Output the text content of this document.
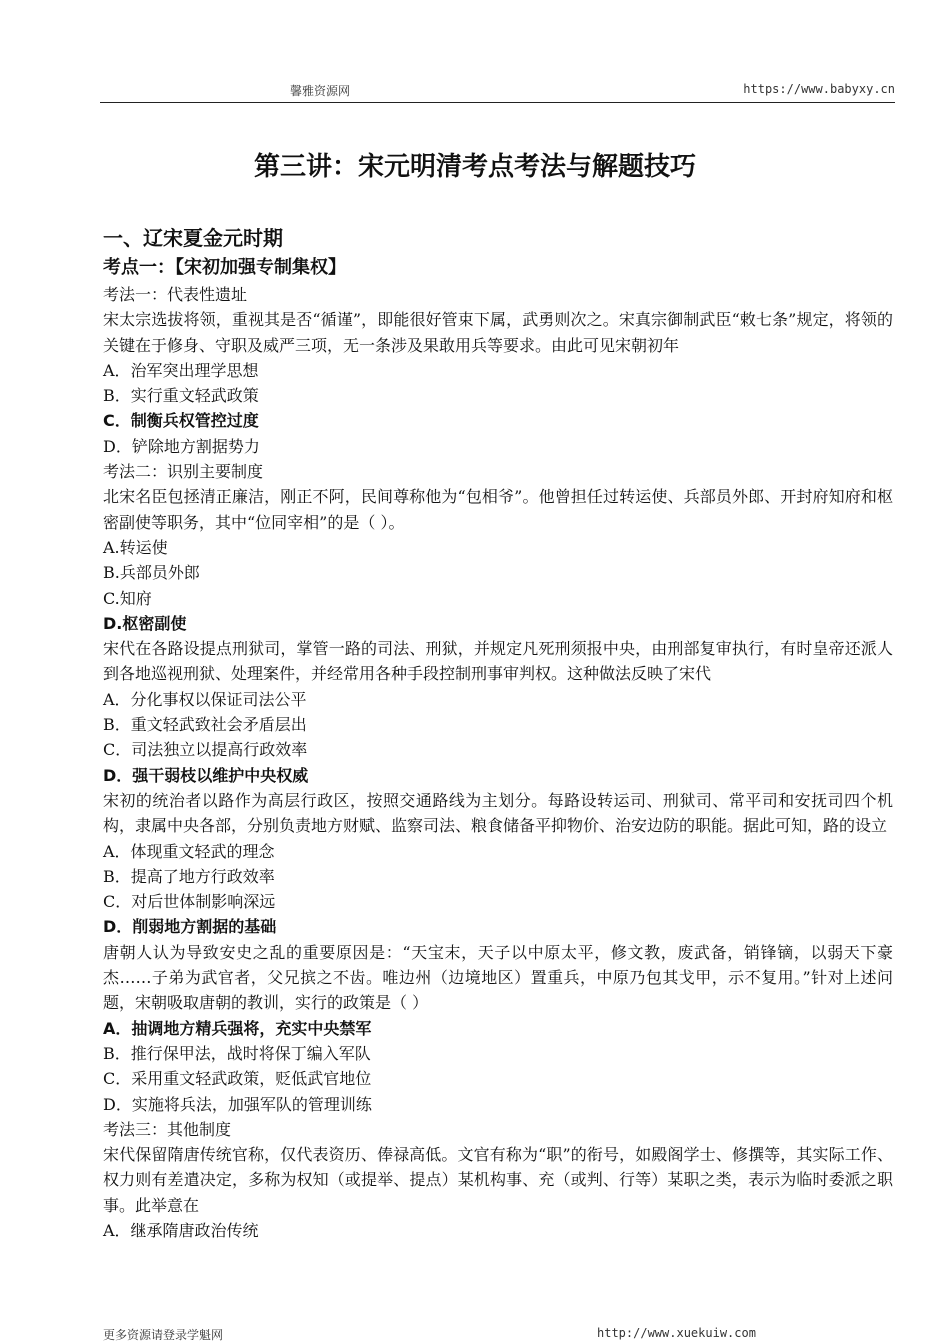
馨雅资源网	https://www.babyxy.cn
第三讲：宋元明清考点考法与解题技巧

一、辽宋夏金元时期

考点一：【宋初加强专制集权】

考法一：代表性遗址

宋太宗选拔将领，重视其是否“循谨”，即能很好管束下属，武勇则次之。宋真宗御制武臣“敕七条”规定，将领的关键在于修身、守职及威严三项，无一条涉及果敢用兵等要求。由此可见宋朝初年

A．治军突出理学思想

B．实行重文轻武政策

C．制衡兵权管控过度

D．铲除地方割据势力

考法二：识别主要制度

北宋名臣包拯清正廉洁，刚正不阿，民间尊称他为“包相爷”。他曾担任过转运使、兵部员外郎、开封府知府和枢密副使等职务，其中“位同宰相”的是（ ）。

A.转运使

B.兵部员外郎

C.知府

D.枢密副使

宋代在各路设提点刑狱司，掌管一路的司法、刑狱，并规定凡死刑须报中央，由刑部复审执行，有时皇帝还派人到各地巡视刑狱、处理案件，并经常用各种手段控制刑事审判权。这种做法反映了宋代

A．分化事权以保证司法公平

B．重文轻武致社会矛盾层出

C．司法独立以提高行政效率

D．强干弱枝以维护中央权威

宋初的统治者以路作为高层行政区，按照交通路线为主划分。每路设转运司、刑狱司、常平司和安抚司四个机构，隶属中央各部，分别负责地方财赋、监察司法、粮食储备平抑物价、治安边防的职能。据此可知，路的设立

A．体现重文轻武的理念

B．提高了地方行政效率

C．对后世体制影响深远

D．削弱地方割据的基础

唐朝人认为导致安史之乱的重要原因是：“天宝末，天子以中原太平，修文教，废武备，销锋镝，以弱天下豪杰……子弟为武官者，父兄摈之不齿。唯边州（边境地区）置重兵，中原乃包其戈甲，示不复用。”针对上述问题，宋朝吸取唐朝的教训，实行的政策是（ ）

A．抽调地方精兵强将，充实中央禁军

B．推行保甲法，战时将保丁编入军队

C．采用重文轻武政策，贬低武官地位

D．实施将兵法，加强军队的管理训练

考法三：其他制度

宋代保留隋唐传统官称，仅代表资历、俸禄高低。文官有称为“职”的衔号，如殿阁学士、修撰等，其实际工作、权力则有差遣决定，多称为权知（或提举、提点）某机构事、充（或判、行等）某职之类，表示为临时委派之职事。此举意在

A．继承隋唐政治传统

更多资源请登录学魁网	http://www.xuekuiw.com
